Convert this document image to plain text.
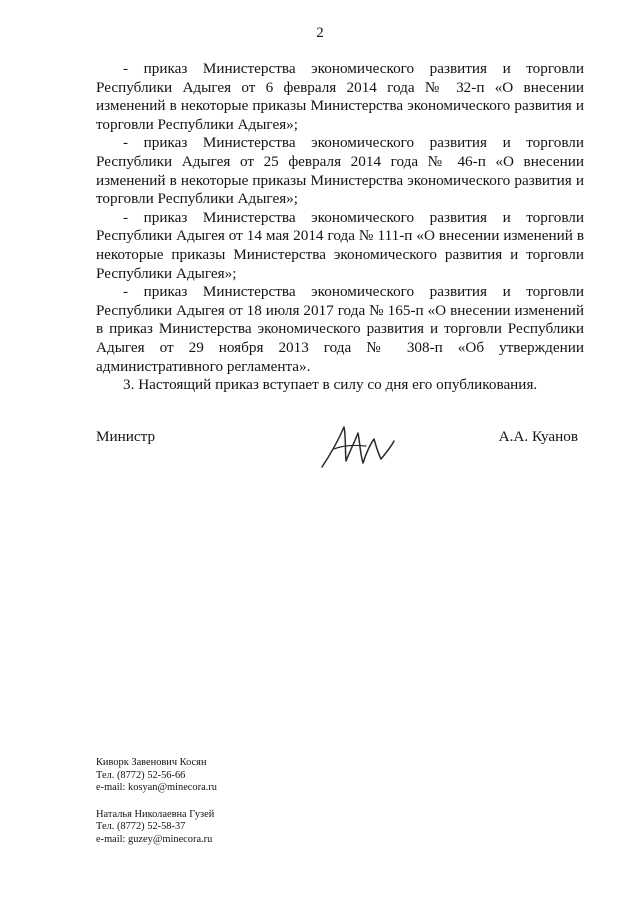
2

- приказ Министерства экономического развития и торговли Республики Адыгея от 6 февраля 2014 года № 32-п «О внесении изменений в некоторые приказы Министерства экономического развития и торговли Республики Адыгея»;

- приказ Министерства экономического развития и торговли Республики Адыгея от 25 февраля 2014 года № 46-п «О внесении изменений в некоторые приказы Министерства экономического развития и торговли Республики Адыгея»;

- приказ Министерства экономического развития и торговли Республики Адыгея от 14 мая 2014 года № 111-п «О внесении изменений в некоторые приказы Министерства экономического развития и торговли Республики Адыгея»;

- приказ Министерства экономического развития и торговли Республики Адыгея от 18 июля 2017 года № 165-п «О внесении изменений в приказ Министерства экономического развития и торговли Республики Адыгея от 29 ноября 2013 года № 308-п «Об утверждении административного регламента».

3. Настоящий приказ вступает в силу со дня его опубликования.

Министр	А.А. Куанов
Киворк Завенович Косян
Тел. (8772) 52-56-66
e-mail: kosyan@minecora.ru
Наталья Николаевна Гузей
Тел. (8772) 52-58-37
e-mail: guzey@minecora.ru
